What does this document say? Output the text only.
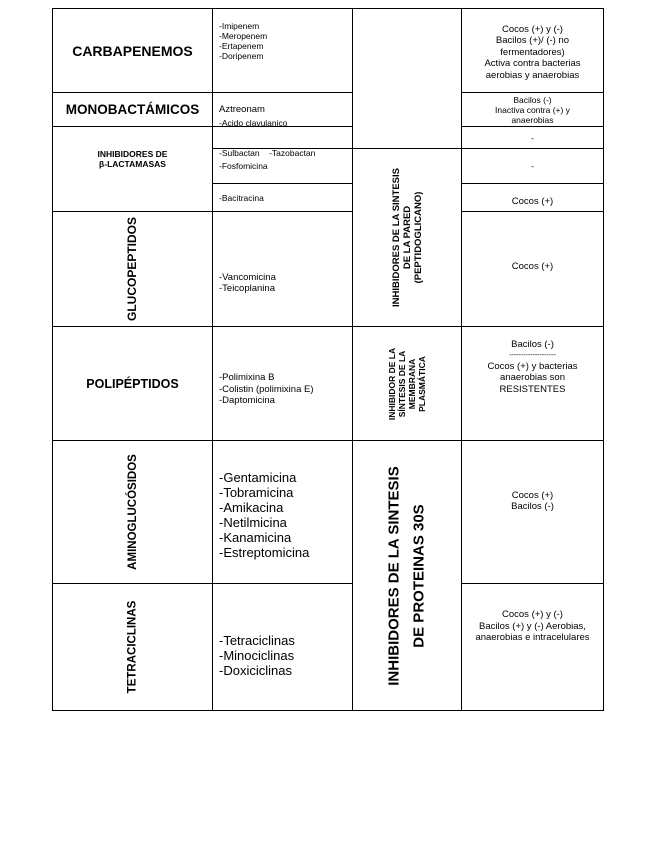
CARBAPENEMOS
MONOBACTÁMICOS
INHIBIDORES DE
β-LACTAMASAS
GLUCOPEPTIDOS
POLIPÉPTIDOS
AMINOGLUCÓSIDOS
TETRACICLINAS
-Imipenem
-Meropenem
-Ertapenem
-Doripenem
Aztreonam

-Acido clavulanico

-Sulbactan    -Tazobactan

-Fosfomicina
-Bacitracina
-Vancomicina
-Teicoplanina
-Polimixina B
-Colistin (polimixina E)
-Daptomicina
-Gentamicina
-Tobramicina
-Amikacina
-Netilmicina
-Kanamicina
-Estreptomicina
-Tetraciclinas
-Minociclinas
-Doxiciclinas
INHIBIDORES DE LA SINTESIS DE LA PARED (PEPTIDOGLICANO)
INHIBIDOR DE LA SÍNTESIS DE LA MEMBRANA PLASMÁTICA
INHIBIDORES DE LA SINTESIS DE PROTEINAS 30S
Cocos (+) y (-)
Bacilos (+)/ (-) no
fermentadores)
Activa contra bacterias
aerobias y anaerobias
Bacilos (-)
Inactiva contra (+) y
anaerobias
-
-
Cocos (+)
Cocos (+)
Bacilos (-)
--------------------
Cocos (+) y bacterias
anaerobias son
RESISTENTES
Cocos (+)
Bacilos (-)
Cocos (+) y (-)
Bacilos (+) y (-) Aerobias,
anaerobias e intracelulares
